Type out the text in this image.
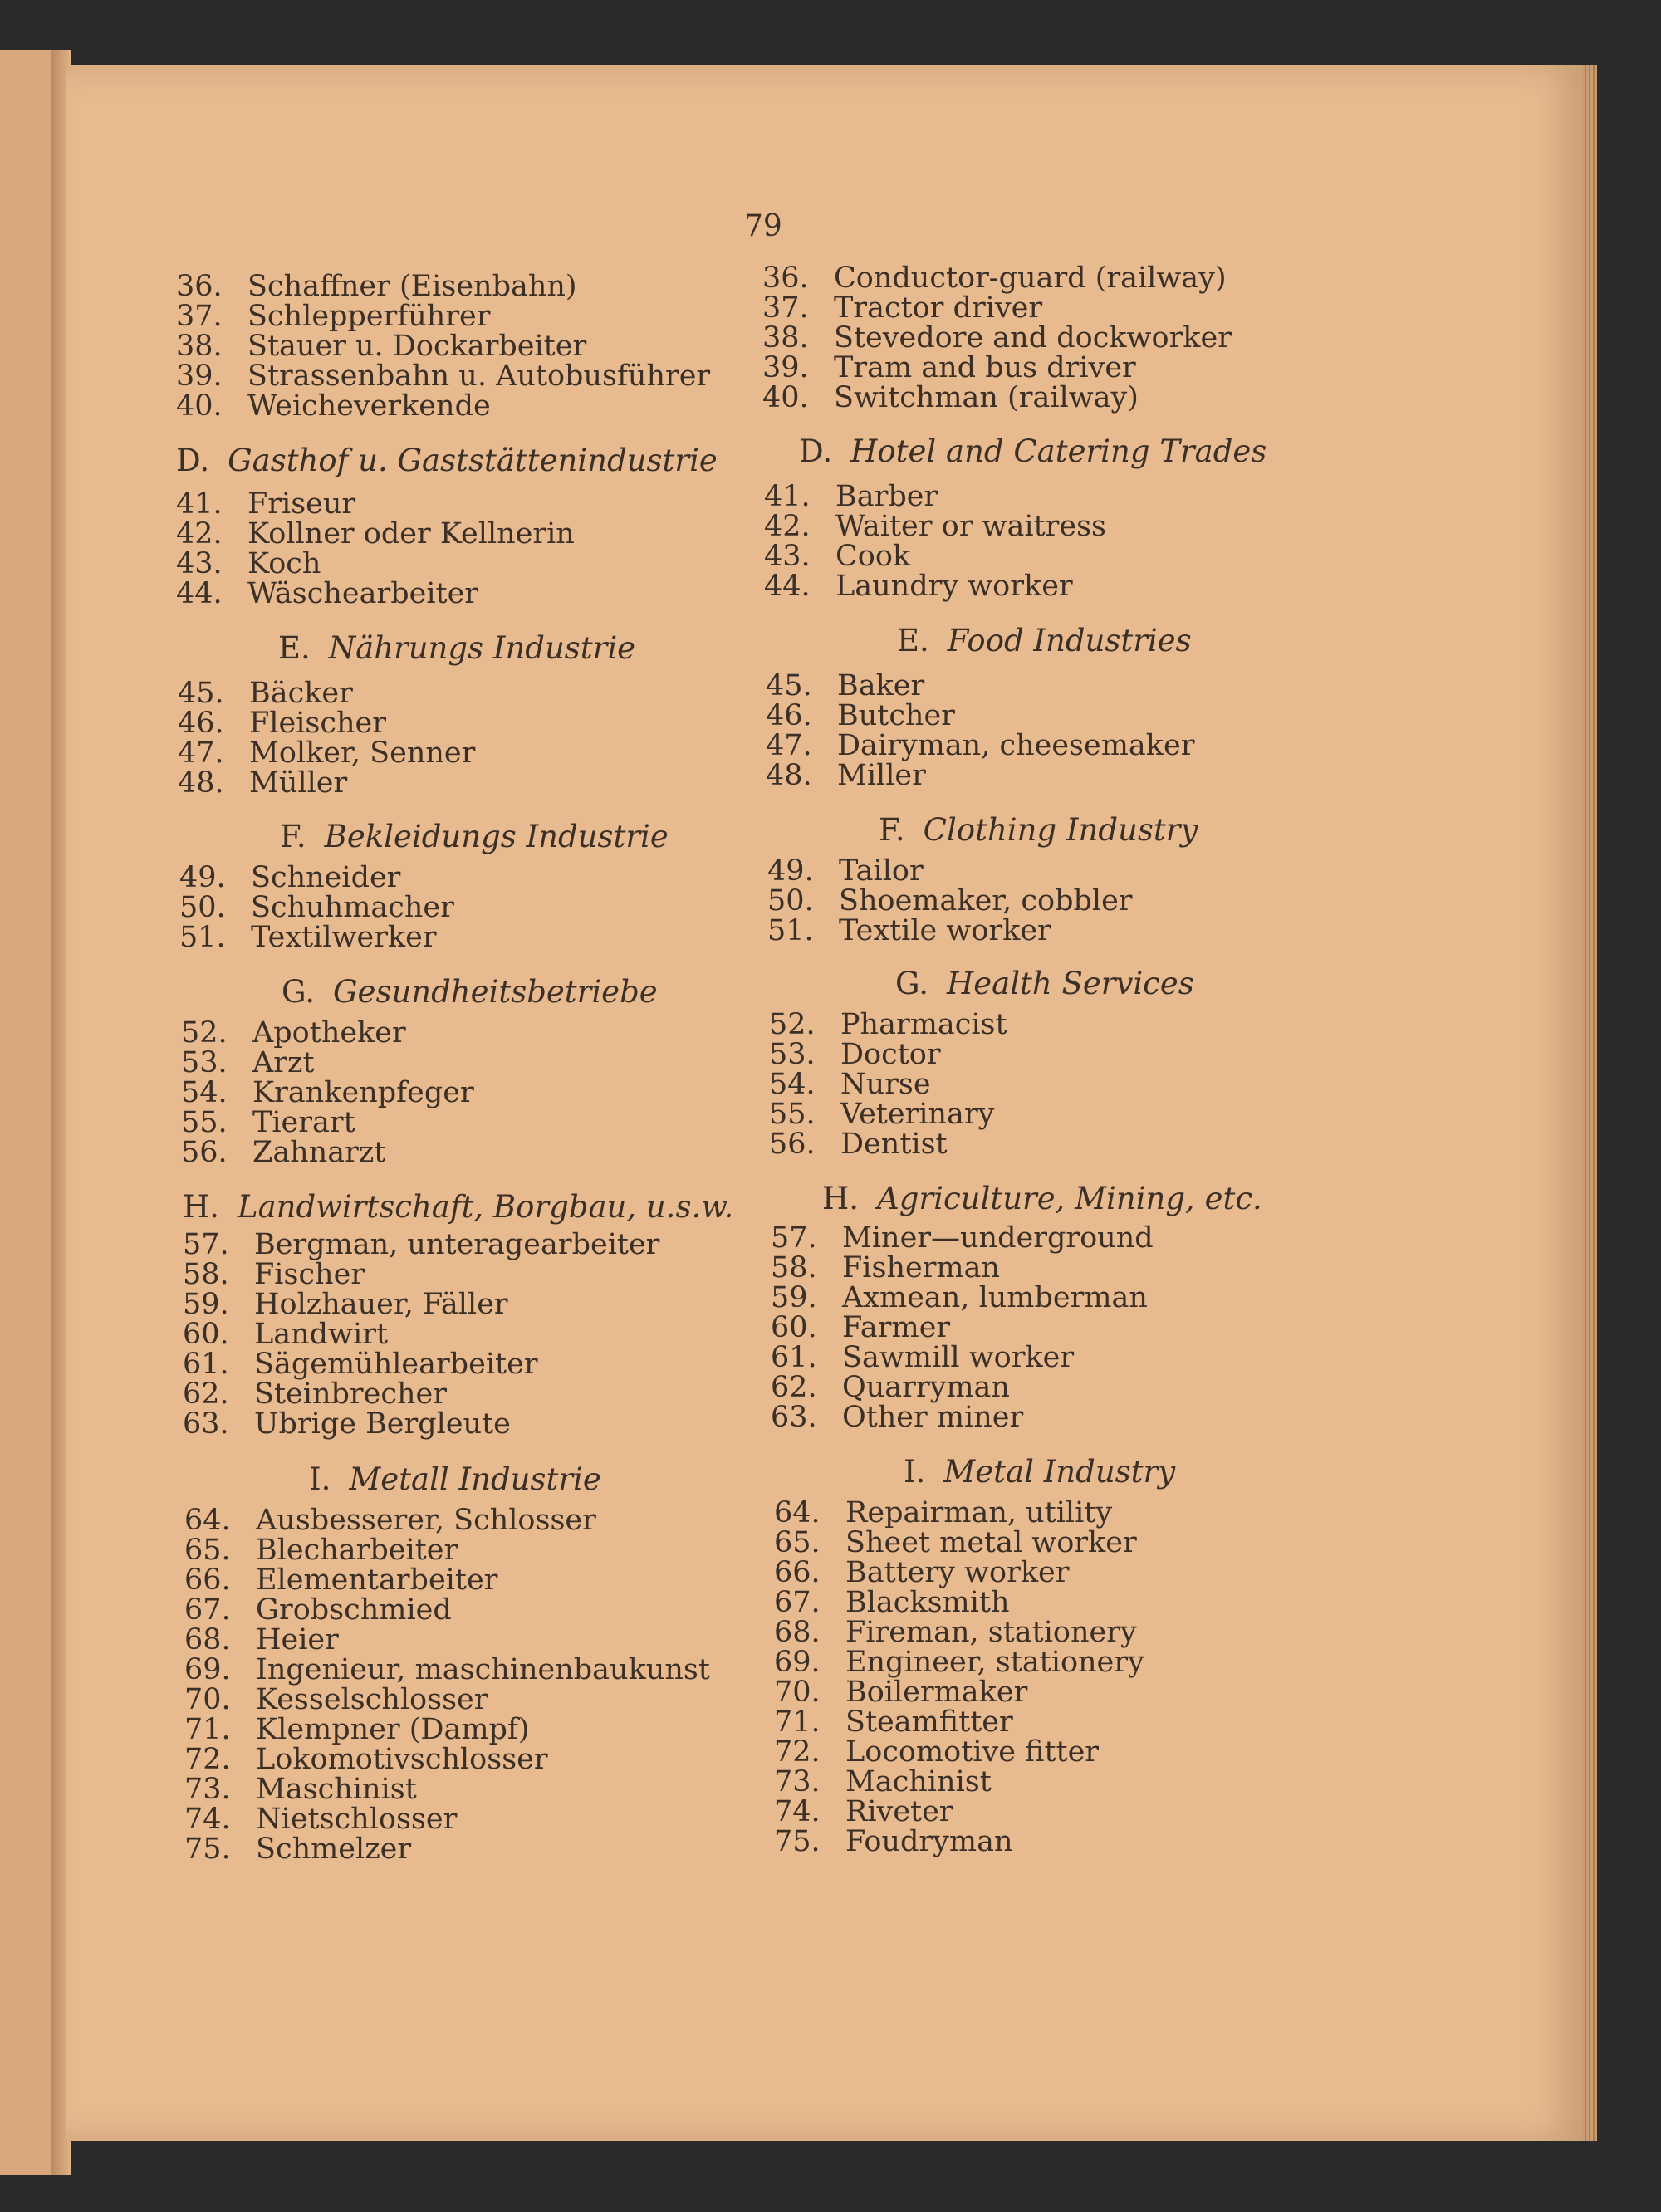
79
36. Schaffner (Eisenbahn)
37. Schlepperführer
38. Stauer u. Dockarbeiter
39. Strassenbahn u. Autobusführer
40. Weicheverkende
D. Gasthof u. Gaststättenindustrie
41. Friseur
42. Kollner oder Kellnerin
43. Koch
44. Wäschearbeiter
E. Nährungs Industrie
45. Bäcker
46. Fleischer
47. Molker, Senner
48. Müller
F. Bekleidungs Industrie
49. Schneider
50. Schuhmacher
51. Textilwerker
G. Gesundheitsbetriebe
52. Apotheker
53. Arzt
54. Krankenpfeger
55. Tierart
56. Zahnarzt
H. Landwirtschaft, Borgbau, u.s.w.
57. Bergman, unteragearbeiter
58. Fischer
59. Holzhauer, Fäller
60. Landwirt
61. Sägemühlearbeiter
62. Steinbrecher
63. Ubrige Bergleute
I. Metall Industrie
64. Ausbesserer, Schlosser
65. Blecharbeiter
66. Elementarbeiter
67. Grobschmied
68. Heier
69. Ingenieur, maschinenbaukunst
70. Kesselschlosser
71. Klempner (Dampf)
72. Lokomotivschlosser
73. Maschinist
74. Nietschlosser
75. Schmelzer
36. Conductor-guard (railway)
37. Tractor driver
38. Stevedore and dockworker
39. Tram and bus driver
40. Switchman (railway)
D. Hotel and Catering Trades
41. Barber
42. Waiter or waitress
43. Cook
44. Laundry worker
E. Food Industries
45. Baker
46. Butcher
47. Dairyman, cheesemaker
48. Miller
F. Clothing Industry
49. Tailor
50. Shoemaker, cobbler
51. Textile worker
G. Health Services
52. Pharmacist
53. Doctor
54. Nurse
55. Veterinary
56. Dentist
H. Agriculture, Mining, etc.
57. Miner—underground
58. Fisherman
59. Axmean, lumberman
60. Farmer
61. Sawmill worker
62. Quarryman
63. Other miner
I. Metal Industry
64. Repairman, utility
65. Sheet metal worker
66. Battery worker
67. Blacksmith
68. Fireman, stationery
69. Engineer, stationery
70. Boilermaker
71. Steamfitter
72. Locomotive fitter
73. Machinist
74. Riveter
75. Foudryman
